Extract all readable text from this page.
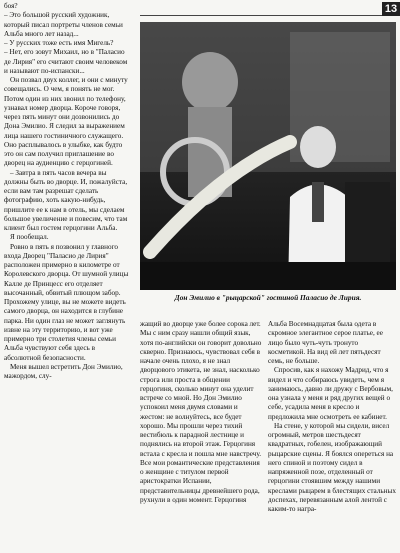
13

боя?

– Это большой русский художник, который писал портреты членов семьи Альба много лет назад...

– У русских тоже есть имя Мигель?

– Нет, его зовут Михаил, но в "Паласио де Лирия" его считают своим человеком и называют по-испански...

Он позвал двух коллег, и они с минуту совещались. О чем, я понять не мог. Потом один из них звонил по телефону, узнавал номер дворца. Короче говоря, через пять минут они дозвонились до Дона Эмилио. Я следил за выражением лица нашего гостиничного служащего. Оно расплывалось в улыбке, как будто это он сам получил приглашение во дворец на аудиенцию с герцогиней.

– Завтра в пять часов вечера вы должны быть во дворце. И, пожалуйста, если вам там разрешат сделать фотографию, хоть какую-нибудь, пришлите ее к нам в отель, мы сделаем большое увеличение и повесим, что там клиент был гостем герцогини Альба.

Я пообещал.

Ровно в пять я позвонил у главного входа Дворец "Паласио де Лирия" расположен примерно в километре от Королевского дворца. От шумной улицы Калле де Принцесс его отделяет высочанный, обвитый плющом забор. Прохожему улице, вы не можете видеть самого дворца, он находится в глубине парка. Ни один глаз не может заглянуть извне на эту территорию, и вот уже примерно три столетия члены семьи Альба чувствуют себя здесь в абсолютной безопасности.

Меня вышел встретить Дон Эмилио, мажордом, слу-

Дон Эмилио в "рыцарской" гостиной Паласио де Лирия.

жащий во дворце уже более сорока лет. Мы с ним сразу нашли общий язык, хотя по-английски он говорит довольно скверно. Признаюсь, чувствовал себя в начале очень плохо, я не знал дворцового этикета, не знал, насколько строга или проста в общении герцогиня, сколько минут она уделит встрече со мной. Но Дон Эмилио успокоил меня двумя словами и жестом: не волнуйтесь, все будет хорошо. Мы прошли через тихий вестибюль к парадной лестнице и поднялись на второй этаж. Герцогиня встала с кресла и пошла мне навстречу. Все мои романтические представления о женщине с титулом первой аристократки Испании, представительницы древнейшего рода, рухнули в один момент. Герцогиня

Альба Восемнадцатая была одета в скромное элегантное серое платье, ее лицо было чуть-чуть тронуто косметикой. На вид ей лет пятьдесят семь, не больше.

Спросив, как я нахожу Мадрид, что я видел и что собираюсь увидеть, чем я занимаюсь, давно ли дружу с Вербовым, она узнала у меня и ряд других вещей о себе, усадила меня в кресло и предложила мне осмотреть ее кабинет.

На стене, у которой мы сидели, висел огромный, метров шестьдесят квадратных, гобелен, изображающий рыцарские сцены. Я боялся опереться на него спиной и поэтому сидел в напряженной позе, отделенный от герцогини стоявшим между нашими креслами рыцарем в блестящих стальных доспехах, перевязанным алой лентой с каким-то награ-
